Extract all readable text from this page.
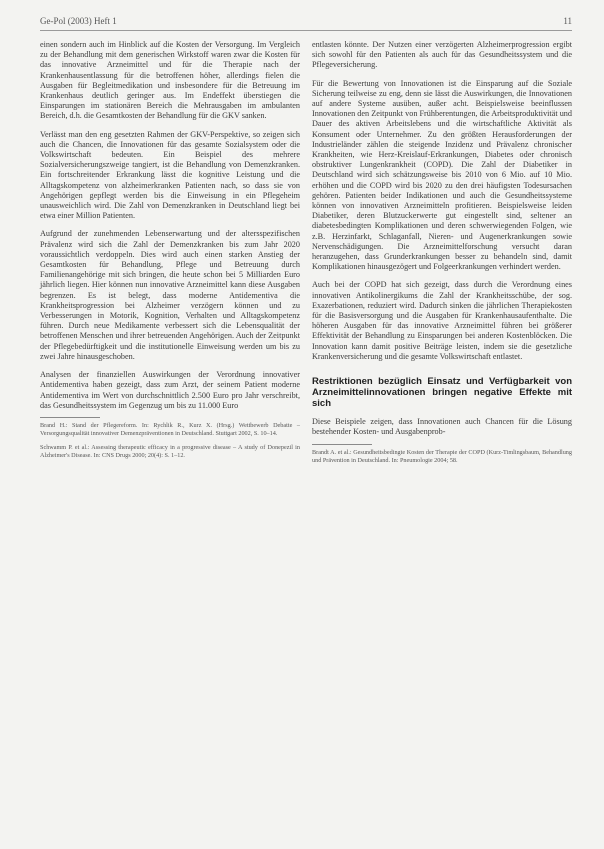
Ge-Pol (2003) Heft 1	11

einen sondern auch im Hinblick auf die Kosten der Versorgung. Im Vergleich zu der Behandlung mit dem generischen Wirkstoff waren zwar die Kosten für das innovative Arzneimittel und für die Therapie nach der Krankenhausentlassung für die betroffenen höher, allerdings fielen die Ausgaben für Begleitmedikation und insbesondere für die Betreuung im Krankenhaus deutlich geringer aus. Im Endeffekt überstiegen die Einsparungen im stationären Bereich die Mehrausgaben im ambulanten Bereich, d.h. die Gesamtkosten der Behandlung für die GKV sanken.

Verlässt man den eng gesetzten Rahmen der GKV-Perspektive, so zeigen sich auch die Chancen, die Innovationen für das gesamte Sozialsystem oder die Volkswirtschaft bedeuten. Ein Beispiel des mehrere Sozialversicherungszweige tangiert, ist die Behandlung von Demenzkranken. Ein fortschreitender Erkrankung lässt die kognitive Leistung und die Alltagskompetenz von alzheimerkranken Patienten nach, so dass sie von Angehörigen gepflegt werden bis die Einweisung in ein Pflegeheim unausweichlich wird. Die Zahl von Demenzkranken in Deutschland liegt bei etwa einer Million Patienten.

Aufgrund der zunehmenden Lebenserwartung und der altersspezifischen Prävalenz wird sich die Zahl der Demenzkranken bis zum Jahr 2020 voraussichtlich verdoppeln. Dies wird auch einen starken Anstieg der Gesamtkosten für Behandlung, Pflege und Betreuung durch Familienangehörige mit sich bringen, die heute schon bei 5 Milliarden Euro jährlich liegen. Hier können nun innovative Arzneimittel kann diese Ausgaben begrenzen. Es ist belegt, dass moderne Antidementiva die Krankheitsprogression bei Alzheimer verzögern können und zu Verbesserungen in Motorik, Kognition, Verhalten und Alltagskompetenz führen. Durch neue Medikamente verbessert sich die Lebensqualität der betroffenen Menschen und ihrer betreuenden Angehörigen. Auch der Zeitpunkt der Pflegebedürftigkeit und die institutionelle Einweisung werden um bis zu zwei Jahre hinausgeschoben.

Analysen der finanziellen Auswirkungen der Verordnung innovativer Antidementiva haben gezeigt, dass zum Arzt, der seinem Patient moderne Antidementiva im Wert von durchschnittlich 2.500 Euro pro Jahr verschreibt, das Gesundheitssystem im Gegenzug um bis zu 11.000 Euro

Brand H.: Stand der Pflegereform. In: Rychlik R., Kurz X. (Hrsg.) Wettbewerb Debatte – Versorgungsqualität innovativer Demenzpräventionen in Deutschland. Stuttgart 2002, S. 10–14.

Schwamm P. et al.: Assessing therapeutic efficacy in a progressive disease – A study of Donepezil in Alzheimer's Disease. In: CNS Drugs 2000; 20(4): S. 1–12.

entlasten könnte. Der Nutzen einer verzögerten Alzheimerprogression ergibt sich sowohl für den Patienten als auch für das Gesundheitssystem und die Pflegeversicherung.

Für die Bewertung von Innovationen ist die Einsparung auf die Soziale Sicherung teilweise zu eng, denn sie lässt die Auswirkungen, die Innovationen auf andere Systeme ausüben, außer acht. Beispielsweise beeinflussen Innovationen den Zeitpunkt von Frühberentungen, die Arbeitsproduktivität und Dauer des aktiven Arbeitslebens und die wirtschaftliche Aktivität als Konsument oder Unternehmer. Zu den größten Herausforderungen der Industrieländer zählen die steigende Inzidenz und Prävalenz chronischer Krankheiten, wie Herz-Kreislauf-Erkrankungen, Diabetes oder chronisch obstruktiver Lungenkrankheit (COPD). Die Zahl der Diabetiker in Deutschland wird sich schätzungsweise bis 2010 von 6 Mio. auf 10 Mio. erhöhen und die COPD wird bis 2020 zu den drei häufigsten Todesursachen gehören. Patienten beider Indikationen und auch die Gesundheitssysteme können von innovativen Arzneimitteln profitieren. Beispielsweise leiden Diabetiker, deren Blutzuckerwerte gut eingestellt sind, seltener an diabetesbedingten Komplikationen und deren schwerwiegenden Folgen, wie z.B. Herzinfarkt, Schlaganfall, Nieren- und Augenerkrankungen sowie Nervenschädigungen. Die Arzneimittelforschung versucht daran heranzugehen, dass Grunderkrankungen besser zu behandeln sind, damit Komplikationen hinausgezögert und Folgeerkrankungen verhindert werden.

Auch bei der COPD hat sich gezeigt, dass durch die Verordnung eines innovativen Antikolinergikums die Zahl der Krankheitsschübe, der sog. Exazerbationen, reduziert wird. Dadurch sinken die jährlichen Therapiekosten für die Basisversorgung und die Ausgaben für Krankenhausaufenthalte. Die höheren Ausgaben für das innovative Arzneimittel führen bei größerer Effektivität der Behandlung zu Einsparungen bei anderen Kostenblöcken. Die Innovation kann damit positive Beiträge leisten, indem sie die gesetzliche Krankenversicherung und die gesamte Volkswirtschaft entlastet.

Restriktionen bezüglich Einsatz und Verfügbarkeit von Arzneimittelinnovationen bringen negative Effekte mit sich

Diese Beispiele zeigen, dass Innovationen auch Chancen für die Lösung bestehender Kosten- und Ausgabenprob-

Brandt A. et al.: Gesundheitsbedingte Kosten der Therapie der COPD (Kurz-Timlingsbaum, Behandlung und Prävention in Deutschland. In: Pneumologie 2004; 58.
